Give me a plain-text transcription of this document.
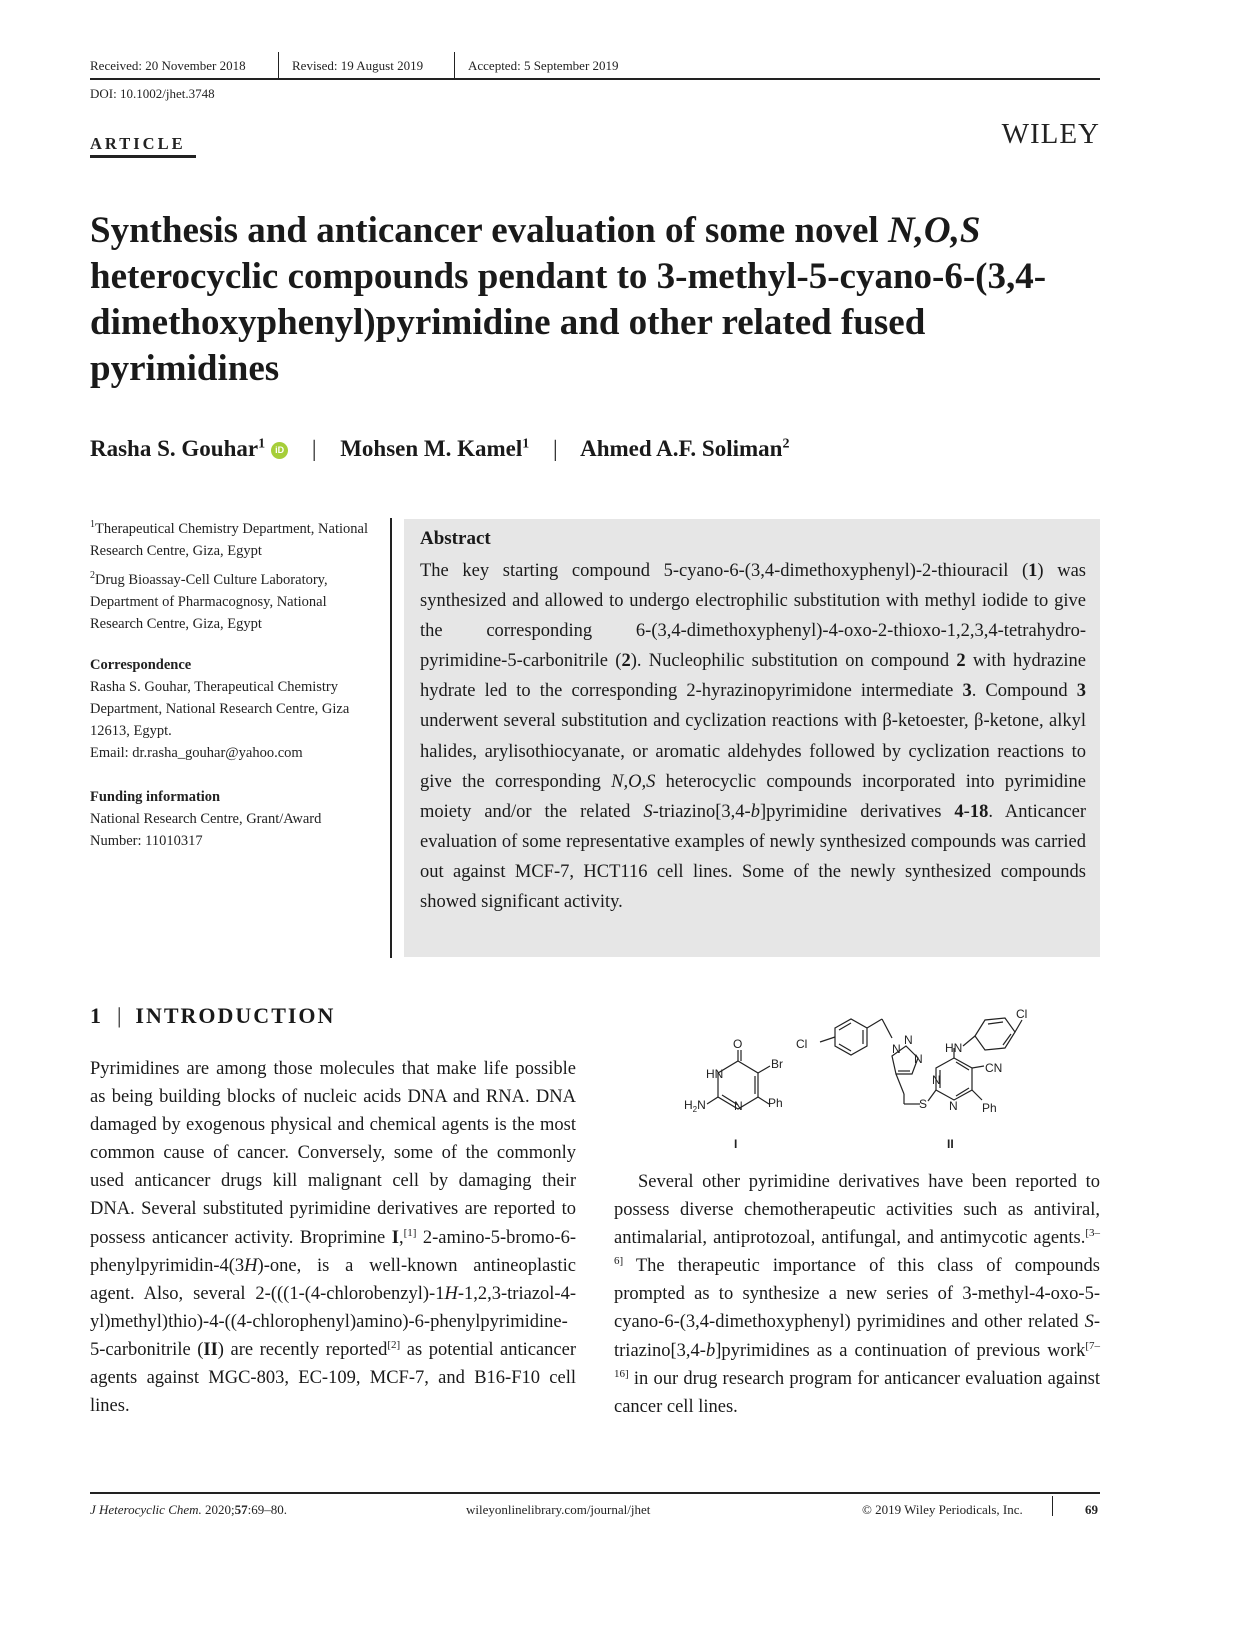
Received: 20 November 2018	Revised: 19 August 2019	Accepted: 5 September 2019
DOI: 10.1002/jhet.3748
ARTICLE	WILEY
Synthesis and anticancer evaluation of some novel N,O,S heterocyclic compounds pendant to 3-methyl-5-cyano-6-(3,4-dimethoxyphenyl)pyrimidine and other related fused pyrimidines
Rasha S. Gouhar$^1$ iD | Mohsen M. Kamel$^1$ | Ahmed A.F. Soliman$^2$
$^1$Therapeutical Chemistry Department, National Research Centre, Giza, Egypt
$^2$Drug Bioassay-Cell Culture Laboratory, Department of Pharmacognosy, National Research Centre, Giza, Egypt
Correspondence
Rasha S. Gouhar, Therapeutical Chemistry Department, National Research Centre, Giza 12613, Egypt.
Email: dr.rasha_gouhar@yahoo.com
Funding information
National Research Centre, Grant/Award Number: 11010317
Abstract
The key starting compound 5-cyano-6-(3,4-dimethoxyphenyl)-2-thiouracil (1) was synthesized and allowed to undergo electrophilic substitution with methyl iodide to give the corresponding 6-(3,4-dimethoxyphenyl)-4-oxo-2-thioxo-1,2,3,4-tetrahydro-pyrimidine-5-carbonitrile (2). Nucleophilic substitution on compound 2 with hydrazine hydrate led to the corresponding 2-hyrazinopyrimidone intermediate 3. Compound 3 underwent several substitution and cyclization reactions with β-ketoester, β-ketone, alkyl halides, arylisothiocyanate, or aromatic aldehydes followed by cyclization reactions to give the corresponding N,O,S heterocyclic compounds incorporated into pyrimidine moiety and/or the related S-triazino[3,4-b]pyrimidine derivatives 4-18. Anticancer evaluation of some representative examples of newly synthesized compounds was carried out against MCF-7, HCT116 cell lines. Some of the newly synthesized compounds showed significant activity.
1 | INTRODUCTION
Pyrimidines are among those molecules that make life possible as being building blocks of nucleic acids DNA and RNA. DNA damaged by exogenous physical and chemical agents is the most common cause of cancer. Conversely, some of the commonly used anticancer drugs kill malignant cell by damaging their DNA. Several substituted pyrimidine derivatives are reported to possess anticancer activity. Broprimine I,[1] 2-amino-5-bromo-6-phenylpyrimidin-4(3H)-one, is a well-known antineoplastic agent. Also, several 2-(((1-(4-chlorobenzyl)-1H-1,2,3-triazol-4-yl)methyl)thio)-4-((4-chlorophenyl)amino)-6-phenylpyrimidine-5-carbonitrile (II) are recently reported[2] as potential anticancer agents against MGC-803, EC-109, MCF-7, and B16-F10 cell lines.
O
HN
Br
$H_2N$ N Ph
Cl	N
N
N
S
N
N
HN
CN
Ph
Cl
I	II
Several other pyrimidine derivatives have been reported to possess diverse chemotherapeutic activities such as antiviral, antimalarial, antiprotozoal, antifungal, and antimycotic agents.[3–6] The therapeutic importance of this class of compounds prompted as to synthesize a new series of 3-methyl-4-oxo-5-cyano-6-(3,4-dimethoxyphenyl) pyrimidines and other related S-triazino[3,4-b]pyrimidines as a continuation of previous work[7–16] in our drug research program for anticancer evaluation against cancer cell lines.
J Heterocyclic Chem. 2020;57:69–80.	wileyonlinelibrary.com/journal/jhet	© 2019 Wiley Periodicals, Inc.	69
